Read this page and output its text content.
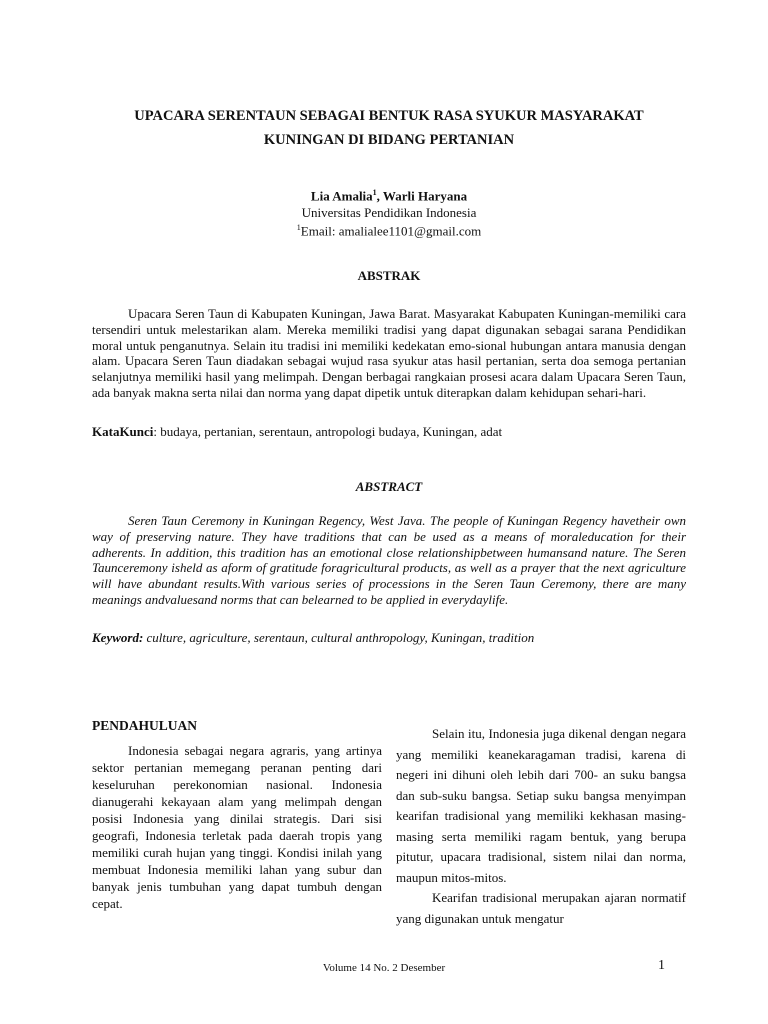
UPACARA SERENTAUN SEBAGAI BENTUK RASA SYUKUR MASYARAKAT
KUNINGAN DI BIDANG PERTANIAN
Lia Amalia$^1$, Warli Haryana
Universitas Pendidikan Indonesia
$^1$Email: amalialee1101@gmail.com
ABSTRAK

Upacara Seren Taun di Kabupaten Kuningan, Jawa Barat. Masyarakat Kabupaten Kuningan-memiliki cara tersendiri untuk melestarikan alam. Mereka memiliki tradisi yang dapat digunakan sebagai sarana Pendidikan moral untuk penganutnya. Selain itu tradisi ini memiliki kedekatan emo-sional hubungan antara manusia dengan alam. Upacara Seren Taun diadakan sebagai wujud rasa syukur atas hasil pertanian, serta doa semoga pertanian selanjutnya memiliki hasil yang melimpah. Dengan berbagai rangkaian prosesi acara dalam Upacara Seren Taun, ada banyak makna serta nilai dan norma yang dapat dipetik untuk diterapkan dalam kehidupan sehari-hari.

KataKunci: budaya, pertanian, serentaun, antropologi budaya, Kuningan, adat

ABSTRACT

Seren Taun Ceremony in Kuningan Regency, West Java. The people of Kuningan Regency havetheir own way of preserving nature. They have traditions that can be used as a means of moraleducation for their adherents. In addition, this tradition has an emotional close relationshipbetween humansand nature. The Seren Taunceremony isheld as aform of gratitude foragricultural products, as well as a prayer that the next agriculture will have abundant results.With various series of processions in the Seren Taun Ceremony, there are many meanings andvaluesand norms that can belearned to be applied in everydaylife.

Keyword: culture, agriculture, serentaun, cultural anthropology, Kuningan, tradition

PENDAHULUAN

Indonesia sebagai negara agraris, yang artinya sektor pertanian memegang peranan penting dari keseluruhan perekonomian nasional. Indonesia dianugerahi kekayaan alam yang melimpah dengan posisi Indonesia yang dinilai strategis. Dari sisi geografi, Indonesia terletak pada daerah tropis yang memiliki curah hujan yang tinggi. Kondisi inilah yang membuat Indonesia memiliki lahan yang subur dan banyak jenis tumbuhan yang dapat tumbuh dengan cepat.

Selain itu, Indonesia juga dikenal dengan negara yang memiliki keanekaragaman tradisi, karena di negeri ini dihuni oleh lebih dari 700- an suku bangsa dan sub-suku bangsa. Setiap suku bangsa menyimpan kearifan tradisional yang memiliki kekhasan masing-masing serta memiliki ragam bentuk, yang berupa pitutur, upacara tradisional, sistem nilai dan norma, maupun mitos-mitos.

Kearifan tradisional merupakan ajaran normatif yang digunakan untuk mengatur

Volume 14 No. 2 Desember	1
